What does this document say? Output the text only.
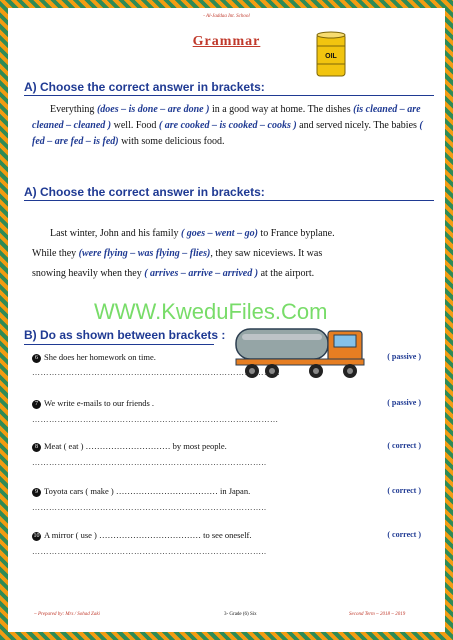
- Al-Jaddaa Int. School
Grammar
OIL
A) Choose the correct answer in brackets:
Everything (does – is done – are done ) in a good way at home. The dishes (is cleaned – are cleaned – cleaned ) well. Food ( are cooked – is cooked – cooks ) and served nicely. The babies ( fed – are fed – is fed) with some delicious food.
A) Choose the correct answer in brackets:
Last winter, John and his family ( goes – went – go) to France byplane.
While they (were flying – was flying – flies), they saw niceviews. It was
snowing heavily when they ( arrives – arrive – arrived ) at the airport.
WWW.KweduFiles.Com
B) Do as shown between brackets :
6 She does her homework on time.	( passive )
…………………………………………………………………… ……...
7 We write e-mails to our friends .	( passive )
……………………………………………………………………………
8 Meat ( eat ) ………………………… by most people.	( correct )
………………………………………………………………………..
9 Toyota cars ( make ) ……………………………… in Japan.	( correct )
………………………………………………………………………..
10 A mirror ( use ) ……………………………… to see oneself.	( correct )
………………………………………………………………………..
~ Prepared by: Mrs / Sohad Zaki	3- Grade (6) Six	Second Term ~ 2018 ~ 2019
